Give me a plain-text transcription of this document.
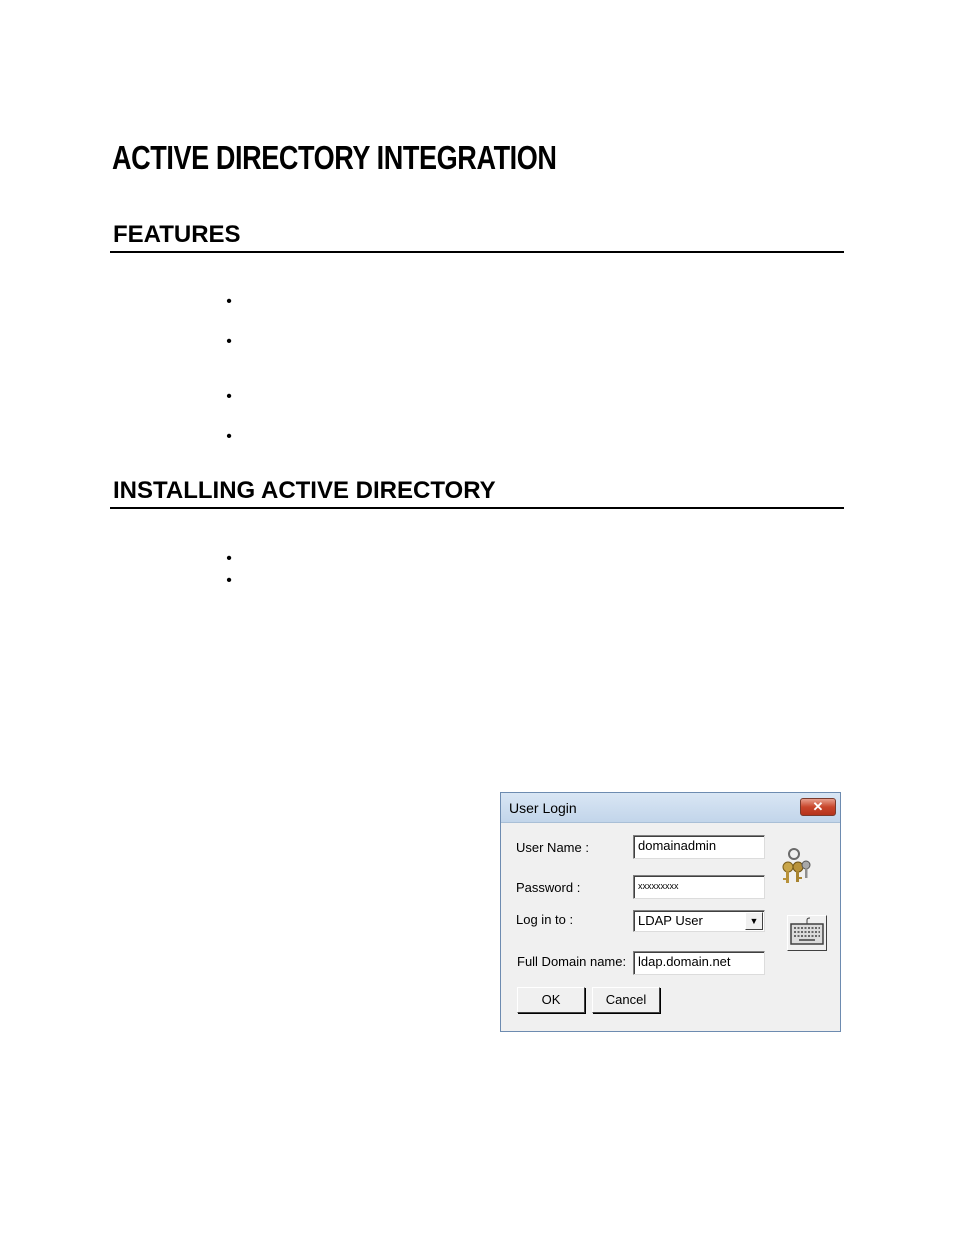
ACTIVE DIRECTORY INTEGRATION
FEATURES
•
•
•
•
INSTALLING ACTIVE DIRECTORY
•
•
User Login	✕
User Name :	domainadmin
Password :	xxxxxxxxx
Log in to :	LDAP User	▼
Full Domain name: ldap.domain.net
OK	Cancel
